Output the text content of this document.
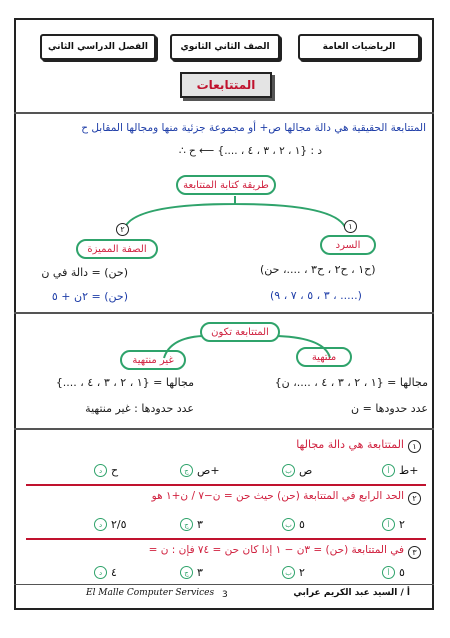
الرياضيات العامة
الصف الثاني الثانوي
الفصل الدراسي الثاني
المتتابعات
المتتابعة الحقيقية هي دالة مجالها ص+ أو مجموعة جزئية منها ومجالها المقابل ح
∴ د : {١ ، ٢ ، ٣ ، ٤ ، ....} ⟵ ح
طريقة كتابة المتتابعة
١
٢
السرد
الصفة المميزة
(ح١ ، ح٢ ، ح٣ ، ....، حن)
(٣ ، ٥ ، ٧ ، ٩ ، .....)
(حن) = دالة في ن
(حن) = ٢ن + ٥
المتتابعة تكون
منتهية
غير منتهية
مجالها = {١ ، ٢ ، ٣ ، ٤ ، ....، ن}
عدد حدودها = ن
مجالها = {١ ، ٢ ، ٣ ، ٤ ، ....}
عدد حدودها : غير منتهية
١
المتتابعة هي دالة مجالها
أ ط+
ب ص
ج ص+
د ح
٢
الحد الرابع في المتتابعة (حن) حيث حن = ن−٧ / ن+١ هو
أ ٢
ب ٥
ج ٣
د ٢/٥
٣
في المتتابعة (حن) = ٣ن − ١ إذا كان حن = ٧٤ فإن : ن =
أ ٥
ب ٢
ج ٣
د ٤
El Malle Computer Services 3	أ / السيد عبد الكريم عرابي
